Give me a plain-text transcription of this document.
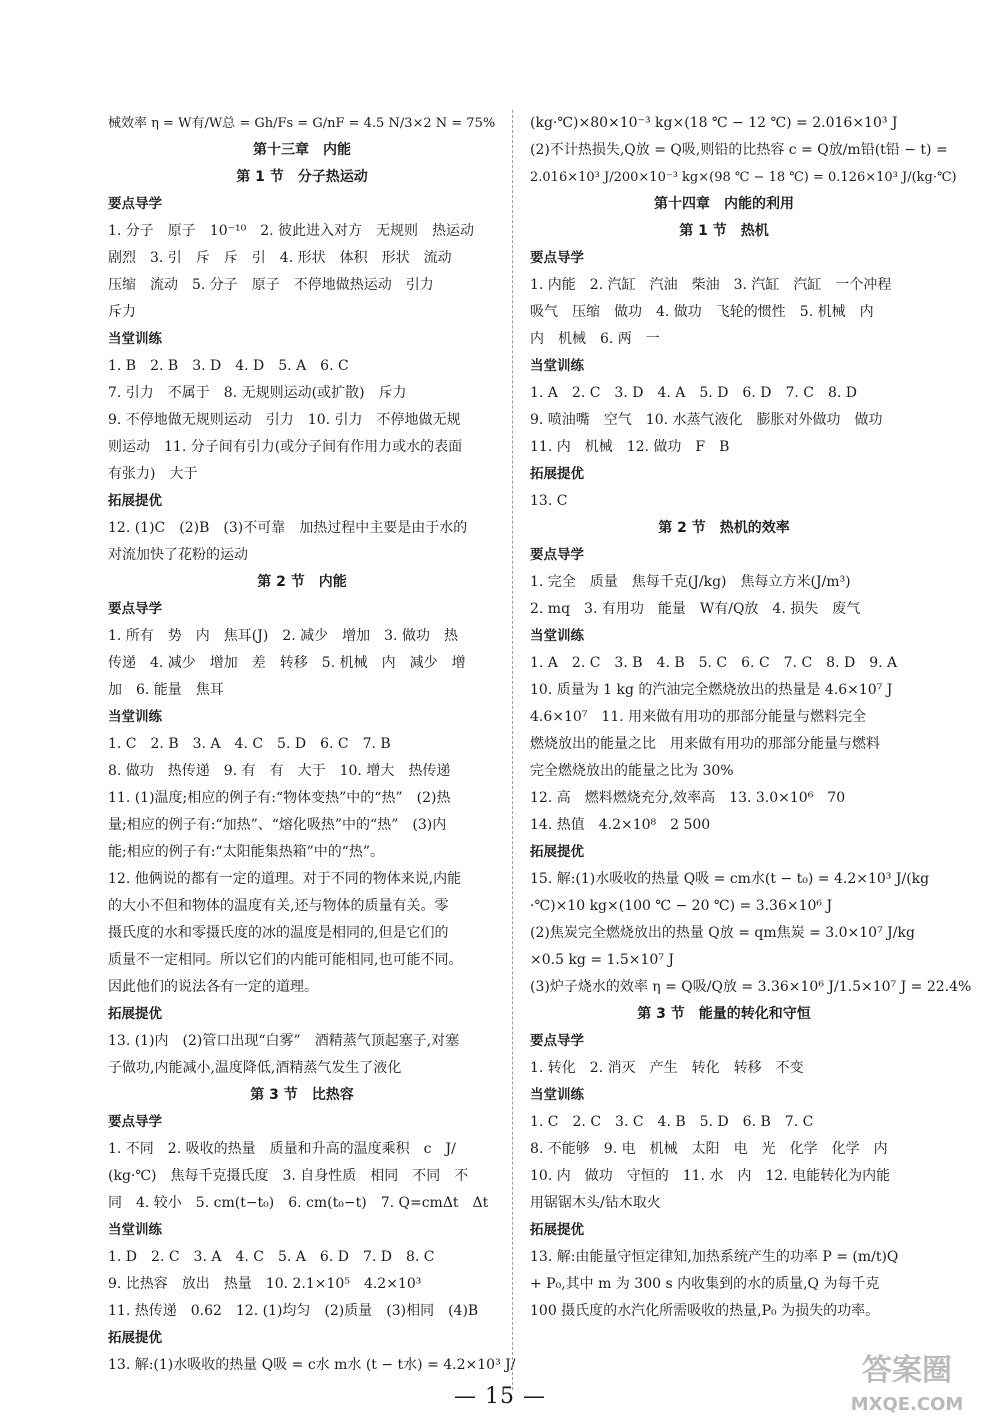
械效率 η = W有/W总 = Gh/Fs = G/nF = 4.5 N/3×2 N = 75%
第十三章　内能
第 1 节　分子热运动
要点导学
1. 分子　原子　10⁻¹⁰　2. 彼此进入对方　无规则　热运动
剧烈　3. 引　斥　斥　引　4. 形状　体积　形状　流动
压缩　流动　5. 分子　原子　不停地做热运动　引力
斥力
当堂训练
1. B　2. B　3. D　4. D　5. A　6. C
7. 引力　不属于　8. 无规则运动(或扩散)　斥力
9. 不停地做无规则运动　引力　10. 引力　不停地做无规
则运动　11. 分子间有引力(或分子间有作用力或水的表面
有张力)　大于
拓展提优
12. (1)C　(2)B　(3)不可靠　加热过程中主要是由于水的
对流加快了花粉的运动
第 2 节　内能
要点导学
1. 所有　势　内　焦耳(J)　2. 减少　增加　3. 做功　热
传递　4. 减少　增加　差　转移　5. 机械　内　减少　增
加　6. 能量　焦耳
当堂训练
1. C　2. B　3. A　4. C　5. D　6. C　7. B
8. 做功　热传递　9. 有　有　大于　10. 增大　热传递
11. (1)温度;相应的例子有:“物体变热”中的“热”　(2)热
量;相应的例子有:“加热”、“熔化吸热”中的“热”　(3)内
能;相应的例子有:“太阳能集热箱”中的“热”。
12. 他俩说的都有一定的道理。对于不同的物体来说,内能
的大小不但和物体的温度有关,还与物体的质量有关。零
摄氏度的水和零摄氏度的冰的温度是相同的,但是它们的
质量不一定相同。所以它们的内能可能相同,也可能不同。
因此他们的说法各有一定的道理。
拓展提优
13. (1)内　(2)管口出现“白雾”　酒精蒸气顶起塞子,对塞
子做功,内能减小,温度降低,酒精蒸气发生了液化
第 3 节　比热容
要点导学
1. 不同　2. 吸收的热量　质量和升高的温度乘积　c　J/
(kg·℃)　焦每千克摄氏度　3. 自身性质　相同　不同　不
同　4. 较小　5. cm(t−t₀)　6. cm(t₀−t)　7. Q=cmΔt　Δt
当堂训练
1. D　2. C　3. A　4. C　5. A　6. D　7. D　8. C
9. 比热容　放出　热量　10. 2.1×10⁵　4.2×10³
11. 热传递　0.62　12. (1)均匀　(2)质量　(3)相同　(4)B
拓展提优
13. 解:(1)水吸收的热量 Q吸 = c水 m水 (t − t水) = 4.2×10³ J/
(kg·℃)×80×10⁻³ kg×(18 ℃ − 12 ℃) = 2.016×10³ J
(2)不计热损失,Q放 = Q吸,则铅的比热容 c = Q放/m铅(t铅 − t) =
2.016×10³ J/200×10⁻³ kg×(98 ℃ − 18 ℃) = 0.126×10³ J/(kg·℃)
第十四章　内能的利用
第 1 节　热机
要点导学
1. 内能　2. 汽缸　汽油　柴油　3. 汽缸　汽缸　一个冲程
吸气　压缩　做功　4. 做功　飞轮的惯性　5. 机械　内
内　机械　6. 两　一
当堂训练
1. A　2. C　3. D　4. A　5. D　6. D　7. C　8. D
9. 喷油嘴　空气　10. 水蒸气液化　膨胀对外做功　做功
11. 内　机械　12. 做功　F　B
拓展提优
13. C
第 2 节　热机的效率
要点导学
1. 完全　质量　焦每千克(J/kg)　焦每立方米(J/m³)
2. mq　3. 有用功　能量　W有/Q放　4. 损失　废气
当堂训练
1. A　2. C　3. B　4. B　5. C　6. C　7. C　8. D　9. A
10. 质量为 1 kg 的汽油完全燃烧放出的热量是 4.6×10⁷ J
4.6×10⁷　11. 用来做有用功的那部分能量与燃料完全
燃烧放出的能量之比　用来做有用功的那部分能量与燃料
完全燃烧放出的能量之比为 30%
12. 高　燃料燃烧充分,效率高　13. 3.0×10⁶　70
14. 热值　4.2×10⁸　2 500
拓展提优
15. 解:(1)水吸收的热量 Q吸 = cm水(t − t₀) = 4.2×10³ J/(kg
·℃)×10 kg×(100 ℃ − 20 ℃) = 3.36×10⁶ J
(2)焦炭完全燃烧放出的热量 Q放 = qm焦炭 = 3.0×10⁷ J/kg
×0.5 kg = 1.5×10⁷ J
(3)炉子烧水的效率 η = Q吸/Q放 = 3.36×10⁶ J/1.5×10⁷ J = 22.4%
第 3 节　能量的转化和守恒
要点导学
1. 转化　2. 消灭　产生　转化　转移　不变
当堂训练
1. C　2. C　3. C　4. B　5. D　6. B　7. C
8. 不能够　9. 电　机械　太阳　电　光　化学　化学　内
10. 内　做功　守恒的　11. 水　内　12. 电能转化为内能
用锯锯木头/钻木取火
拓展提优
13. 解:由能量守恒定律知,加热系统产生的功率 P = (m/t)Q
+ P₀,其中 m 为 300 s 内收集到的水的质量,Q 为每千克
100 摄氏度的水汽化所需吸收的热量,P₀ 为损失的功率。
— 15 —
答案圈
MXQE.COM
